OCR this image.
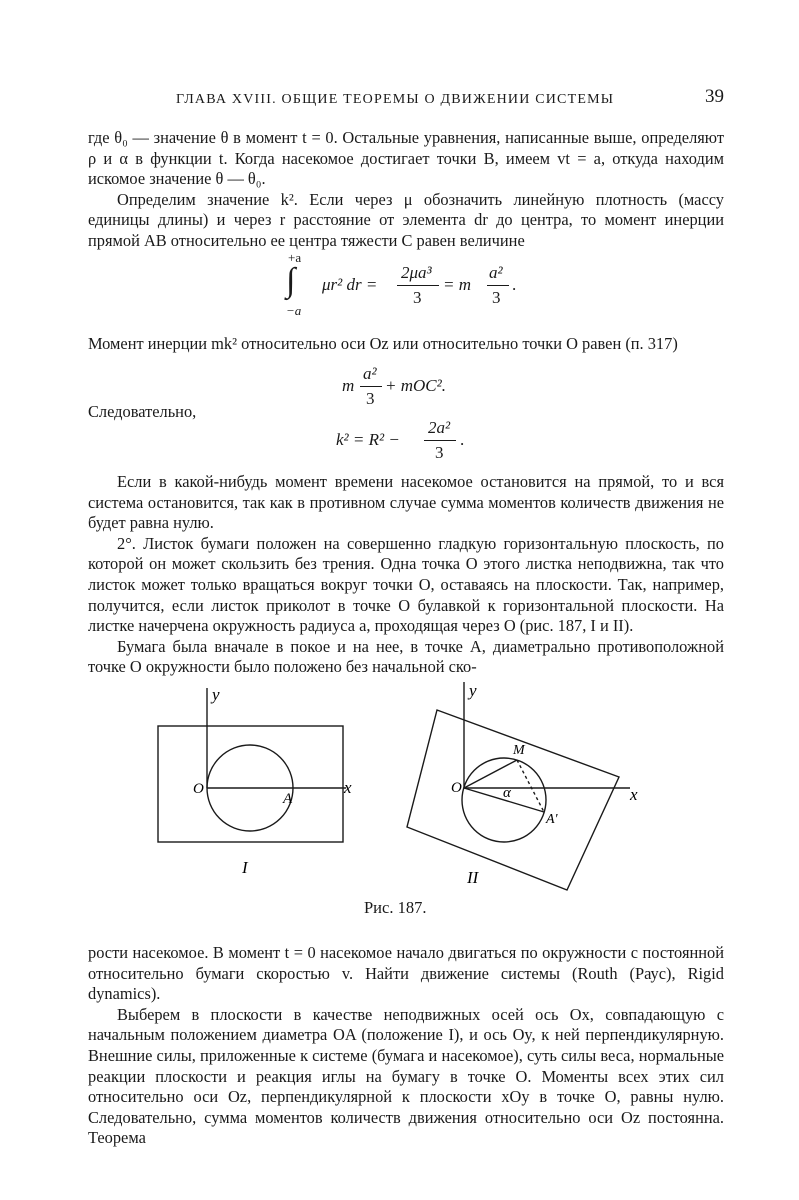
ГЛАВА XVIII. ОБЩИЕ ТЕОРЕМЫ О ДВИЖЕНИИ СИСТЕМЫ	39

где θ₀ — значение θ в момент t = 0. Остальные уравнения, написанные выше, определяют ρ и α в функции t. Когда насекомое достигает точки B, имеем vt = a, откуда находим искомое значение θ — θ₀.

Определим значение k². Если через μ обозначить линейную плотность (массу единицы длины) и через r расстояние от элемента dr до центра, то момент инерции прямой AB относительно ее центра тяжести C равен величине

+a
∫
−a
μr² dr =
2μa³
3
= m
a²
3
.

Момент инерции mk² относительно оси Oz или относительно точки O равен (п. 317)

m
a²
3
+ mOC².

Следовательно,

k² = R² −
2a²
3
.

Если в какой-нибудь момент времени насекомое остановится на прямой, то и вся система остановится, так как в противном случае сумма моментов количеств движения не будет равна нулю.

2°. Листок бумаги положен на совершенно гладкую горизонтальную плоскость, по которой он может скользить без трения. Одна точка O этого листка неподвижна, так что листок может только вращаться вокруг точки O, оставаясь на плоскости. Так, например, получится, если листок приколот в точке O булавкой к горизонтальной плоскости. На листке начерчена окружность радиуса a, проходящая через O (рис. 187, I и II).

Бумага была вначале в покое и на нее, в точке A, диаметрально противоположной точке O окружности было положено без начальной ско-

y
x
O
A
I
y
x
O
M
A'
α
II
Рис. 187.

рости насекомое. В момент t = 0 насекомое начало двигаться по окружности с постоянной относительно бумаги скоростью v. Найти движение системы (Routh (Раус), Rigid dynamics).

Выберем в плоскости в качестве неподвижных осей ось Ox, совпадающую с начальным положением диаметра OA (положение I), и ось Oy, к ней перпендикулярную. Внешние силы, приложенные к системе (бумага и насекомое), суть силы веса, нормальные реакции плоскости и реакция иглы на бумагу в точке O. Моменты всех этих сил относительно оси Oz, перпендикулярной к плоскости xOy в точке O, равны нулю. Следовательно, сумма моментов количеств движения относительно оси Oz постоянна. Теорема
